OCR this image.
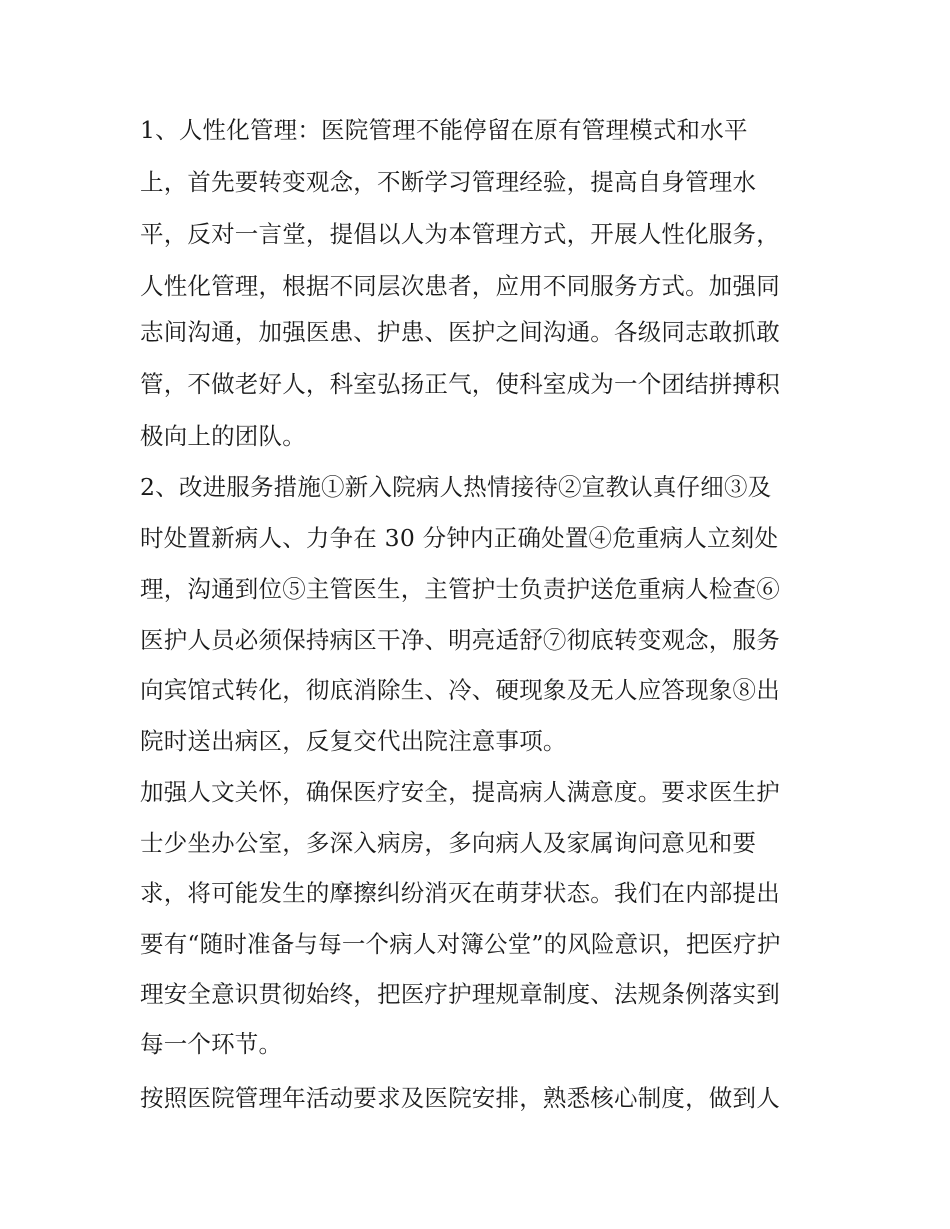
1、人性化管理：医院管理不能停留在原有管理模式和水平
上，首先要转变观念，不断学习管理经验，提高自身管理水
平，反对一言堂，提倡以人为本管理方式，开展人性化服务，
人性化管理，根据不同层次患者，应用不同服务方式。加强同
志间沟通，加强医患、护患、医护之间沟通。各级同志敢抓敢
管，不做老好人，科室弘扬正气，使科室成为一个团结拼搏积
极向上的团队。
2、改进服务措施①新入院病人热情接待②宣教认真仔细③及
时处置新病人、力争在 30 分钟内正确处置④危重病人立刻处
理，沟通到位⑤主管医生，主管护士负责护送危重病人检查⑥
医护人员必须保持病区干净、明亮适舒⑦彻底转变观念，服务
向宾馆式转化，彻底消除生、冷、硬现象及无人应答现象⑧出
院时送出病区，反复交代出院注意事项。
加强人文关怀，确保医疗安全，提高病人满意度。要求医生护
士少坐办公室，多深入病房，多向病人及家属询问意见和要
求，将可能发生的摩擦纠纷消灭在萌芽状态。我们在内部提出
要有“随时准备与每一个病人对簿公堂”的风险意识，把医疗护
理安全意识贯彻始终，把医疗护理规章制度、法规条例落实到
每一个环节。
按照医院管理年活动要求及医院安排，熟悉核心制度，做到人
